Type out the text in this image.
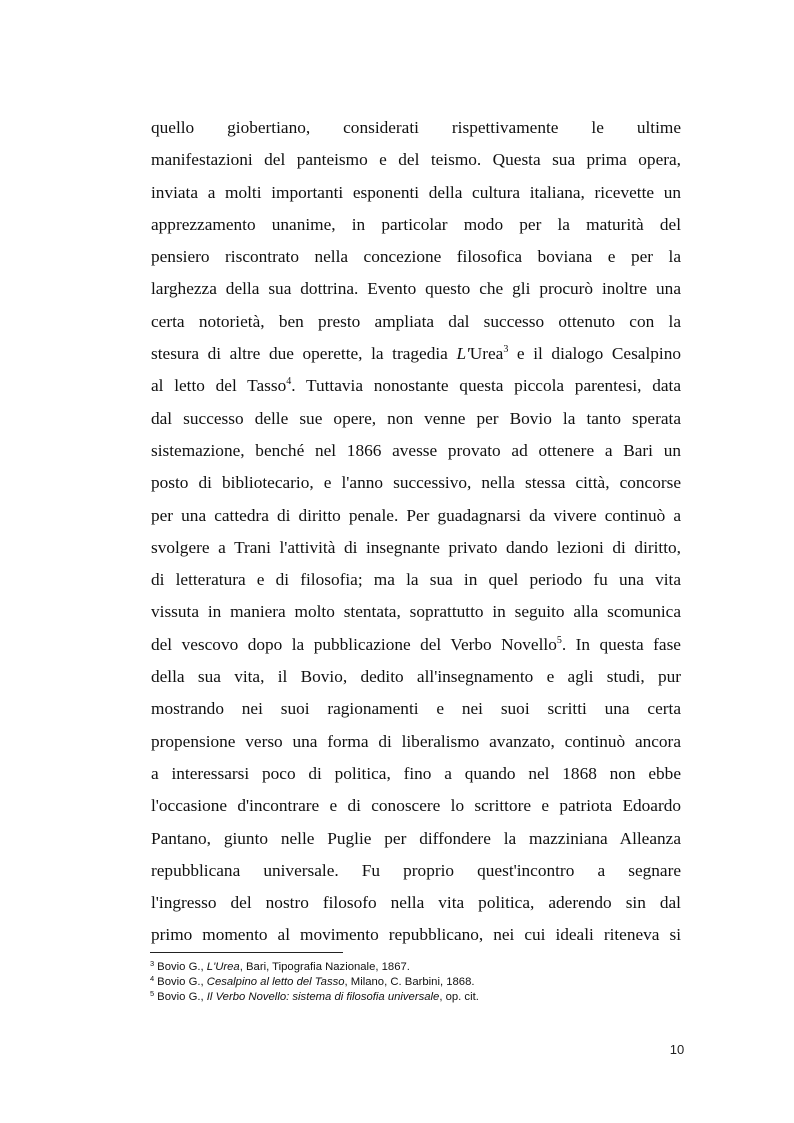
quello giobertiano, considerati rispettivamente le ultime
manifestazioni del panteismo e del teismo. Questa sua prima opera,
inviata a molti importanti esponenti della cultura italiana, ricevette un
apprezzamento unanime, in particolar modo per la maturità del
pensiero riscontrato nella concezione filosofica boviana e per la
larghezza della sua dottrina. Evento questo che gli procurò inoltre una
certa notorietà, ben presto ampliata dal successo ottenuto con la
stesura di altre due operette, la tragedia L'Urea$^3$ e il dialogo Cesalpino
al letto del Tasso$^4$. Tuttavia nonostante questa piccola parentesi, data
dal successo delle sue opere, non venne per Bovio la tanto sperata
sistemazione, benché nel 1866 avesse provato ad ottenere a Bari un
posto di bibliotecario, e l'anno successivo, nella stessa città, concorse
per una cattedra di diritto penale. Per guadagnarsi da vivere continuò a
svolgere a Trani l'attività di insegnante privato dando lezioni di diritto,
di letteratura e di filosofia; ma la sua in quel periodo fu una vita
vissuta in maniera molto stentata, soprattutto in seguito alla scomunica
del vescovo dopo la pubblicazione del Verbo Novello$^5$. In questa fase
della sua vita, il Bovio, dedito all'insegnamento e agli studi, pur
mostrando nei suoi ragionamenti e nei suoi scritti una certa
propensione verso una forma di liberalismo avanzato, continuò ancora
a interessarsi poco di politica, fino a quando nel 1868 non ebbe
l'occasione d'incontrare e di conoscere lo scrittore e patriota Edoardo
Pantano, giunto nelle Puglie per diffondere la mazziniana Alleanza
repubblicana universale. Fu proprio quest'incontro a segnare
l'ingresso del nostro filosofo nella vita politica, aderendo sin dal
primo momento al movimento repubblicano, nei cui ideali riteneva si
$^3$ Bovio G., L'Urea, Bari, Tipografia Nazionale, 1867.
$^4$ Bovio G., Cesalpino al letto del Tasso, Milano, C. Barbini, 1868.
$^5$ Bovio G., Il Verbo Novello: sistema di filosofia universale, op. cit.
10
